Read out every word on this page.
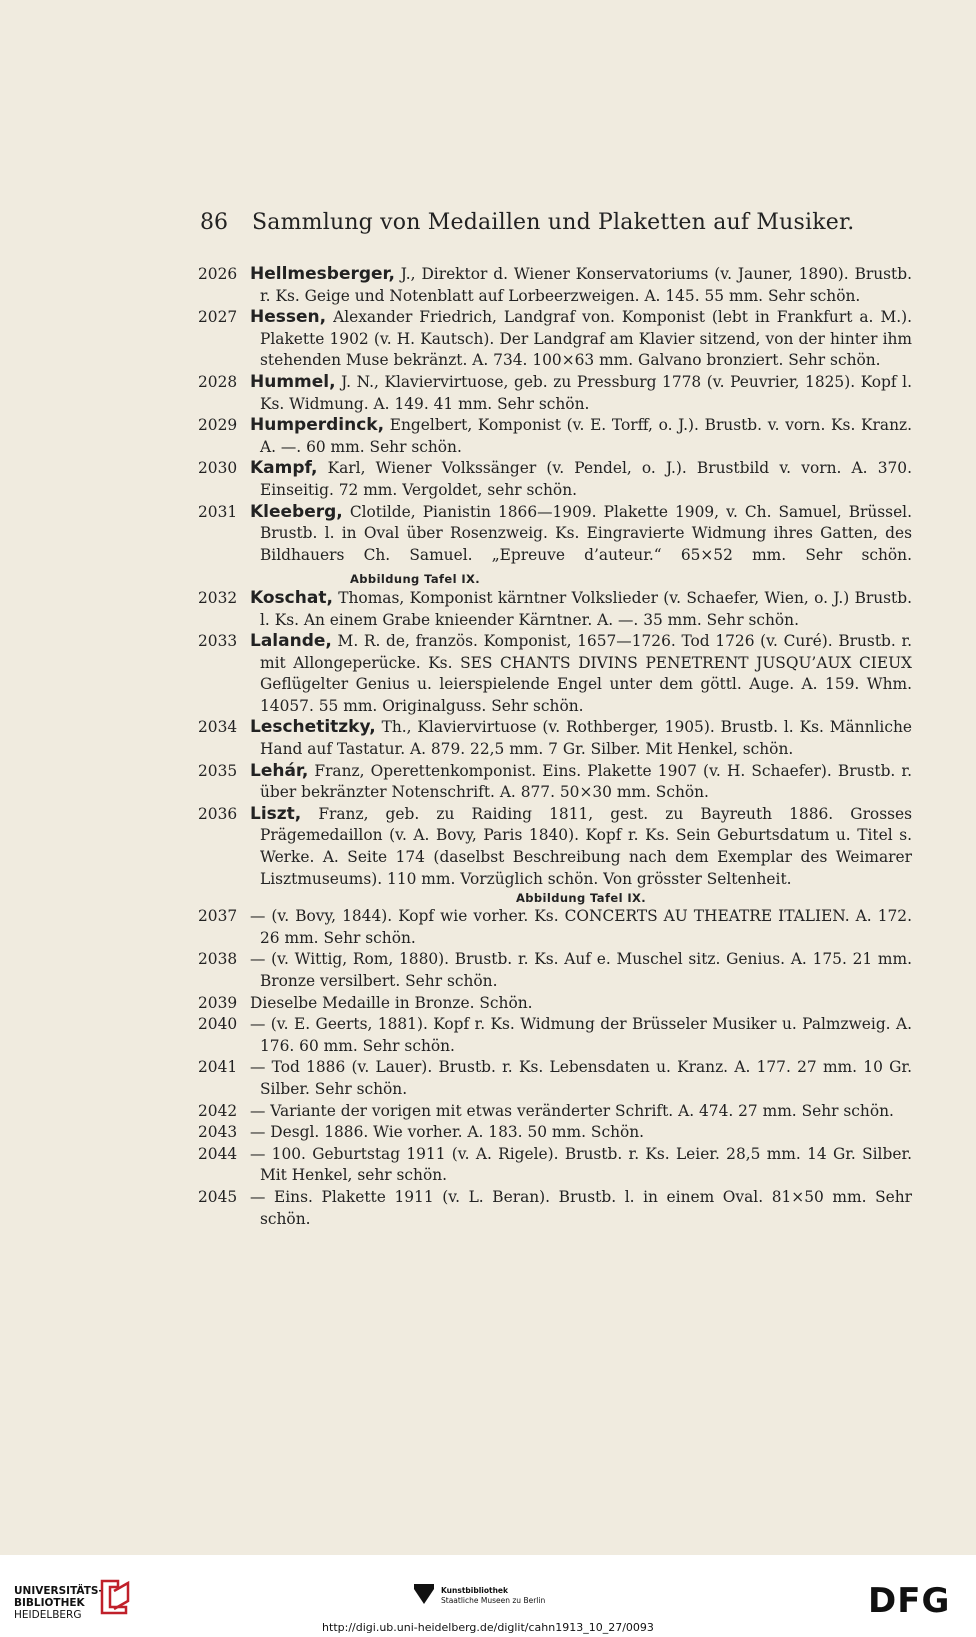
86 Sammlung von Medaillen und Plaketten auf Musiker.
2026 Hellmesberger, J., Direktor d. Wiener Konservatoriums (v. Jauner, 1890). Brustb. r. Ks. Geige und Notenblatt auf Lorbeerzweigen. A. 145. 55 mm. Sehr schön.
2027 Hessen, Alexander Friedrich, Landgraf von. Komponist (lebt in Frankfurt a. M.). Plakette 1902 (v. H. Kautsch). Der Landgraf am Klavier sitzend, von der hinter ihm stehenden Muse bekränzt. A. 734. 100×63 mm. Galvano bronziert. Sehr schön.
2028 Hummel, J. N., Klaviervirtuose, geb. zu Pressburg 1778 (v. Peuvrier, 1825). Kopf l. Ks. Widmung. A. 149. 41 mm. Sehr schön.
2029 Humperdinck, Engelbert, Komponist (v. E. Torff, o. J.). Brustb. v. vorn. Ks. Kranz. A. —. 60 mm. Sehr schön.
2030 Kampf, Karl, Wiener Volkssänger (v. Pendel, o. J.). Brustbild v. vorn. A. 370. Einseitig. 72 mm. Vergoldet, sehr schön.
2031 Kleeberg, Clotilde, Pianistin 1866—1909. Plakette 1909, v. Ch. Samuel, Brüssel. Brustb. l. in Oval über Rosenzweig. Ks. Eingravierte Widmung ihres Gatten, des Bildhauers Ch. Samuel. „Epreuve d’auteur.“ 65×52 mm. Sehr schön.Abbildung Tafel IX.
2032 Koschat, Thomas, Komponist kärntner Volkslieder (v. Schaefer, Wien, o. J.) Brustb. l. Ks. An einem Grabe knieender Kärntner. A. —. 35 mm. Sehr schön.
2033 Lalande, M. R. de, französ. Komponist, 1657—1726. Tod 1726 (v. Curé). Brustb. r. mit Allongeperücke. Ks. SES CHANTS DIVINS PENETRENT JUSQU’AUX CIEUX Geflügelter Genius u. leierspielende Engel unter dem göttl. Auge. A. 159. Whm. 14057. 55 mm. Originalguss. Sehr schön.
2034 Leschetitzky, Th., Klaviervirtuose (v. Rothberger, 1905). Brustb. l. Ks. Männliche Hand auf Tastatur. A. 879. 22,5 mm. 7 Gr. Silber. Mit Henkel, schön.
2035 Lehár, Franz, Operettenkomponist. Eins. Plakette 1907 (v. H. Schaefer). Brustb. r. über bekränzter Notenschrift. A. 877. 50×30 mm. Schön.
2036 Liszt, Franz, geb. zu Raiding 1811, gest. zu Bayreuth 1886. Grosses Prägemedaillon (v. A. Bovy, Paris 1840). Kopf r. Ks. Sein Geburtsdatum u. Titel s. Werke. A. Seite 174 (daselbst Beschreibung nach dem Exemplar des Weimarer Lisztmuseums). 110 mm. Vorzüglich schön. Von grösster Seltenheit.
Abbildung Tafel IX.
2037 — (v. Bovy, 1844). Kopf wie vorher. Ks. CONCERTS AU THEATRE ITALIEN. A. 172. 26 mm. Sehr schön.
2038 — (v. Wittig, Rom, 1880). Brustb. r. Ks. Auf e. Muschel sitz. Genius. A. 175. 21 mm. Bronze versilbert. Sehr schön.
2039 Dieselbe Medaille in Bronze. Schön.
2040 — (v. E. Geerts, 1881). Kopf r. Ks. Widmung der Brüsseler Musiker u. Palmzweig. A. 176. 60 mm. Sehr schön.
2041 — Tod 1886 (v. Lauer). Brustb. r. Ks. Lebensdaten u. Kranz. A. 177. 27 mm. 10 Gr. Silber. Sehr schön.
2042 — Variante der vorigen mit etwas veränderter Schrift. A. 474. 27 mm. Sehr schön.
2043 — Desgl. 1886. Wie vorher. A. 183. 50 mm. Schön.
2044 — 100. Geburtstag 1911 (v. A. Rigele). Brustb. r. Ks. Leier. 28,5 mm. 14 Gr. Silber. Mit Henkel, sehr schön.
2045 — Eins. Plakette 1911 (v. L. Beran). Brustb. l. in einem Oval. 81×50 mm. Sehr schön.
UNIVERSITÄTS-
BIBLIOTHEK
HEIDELBERG
Kunstbibliothek
Staatliche Museen zu Berlin	DFG
http://digi.ub.uni-heidelberg.de/diglit/cahn1913_10_27/0093
